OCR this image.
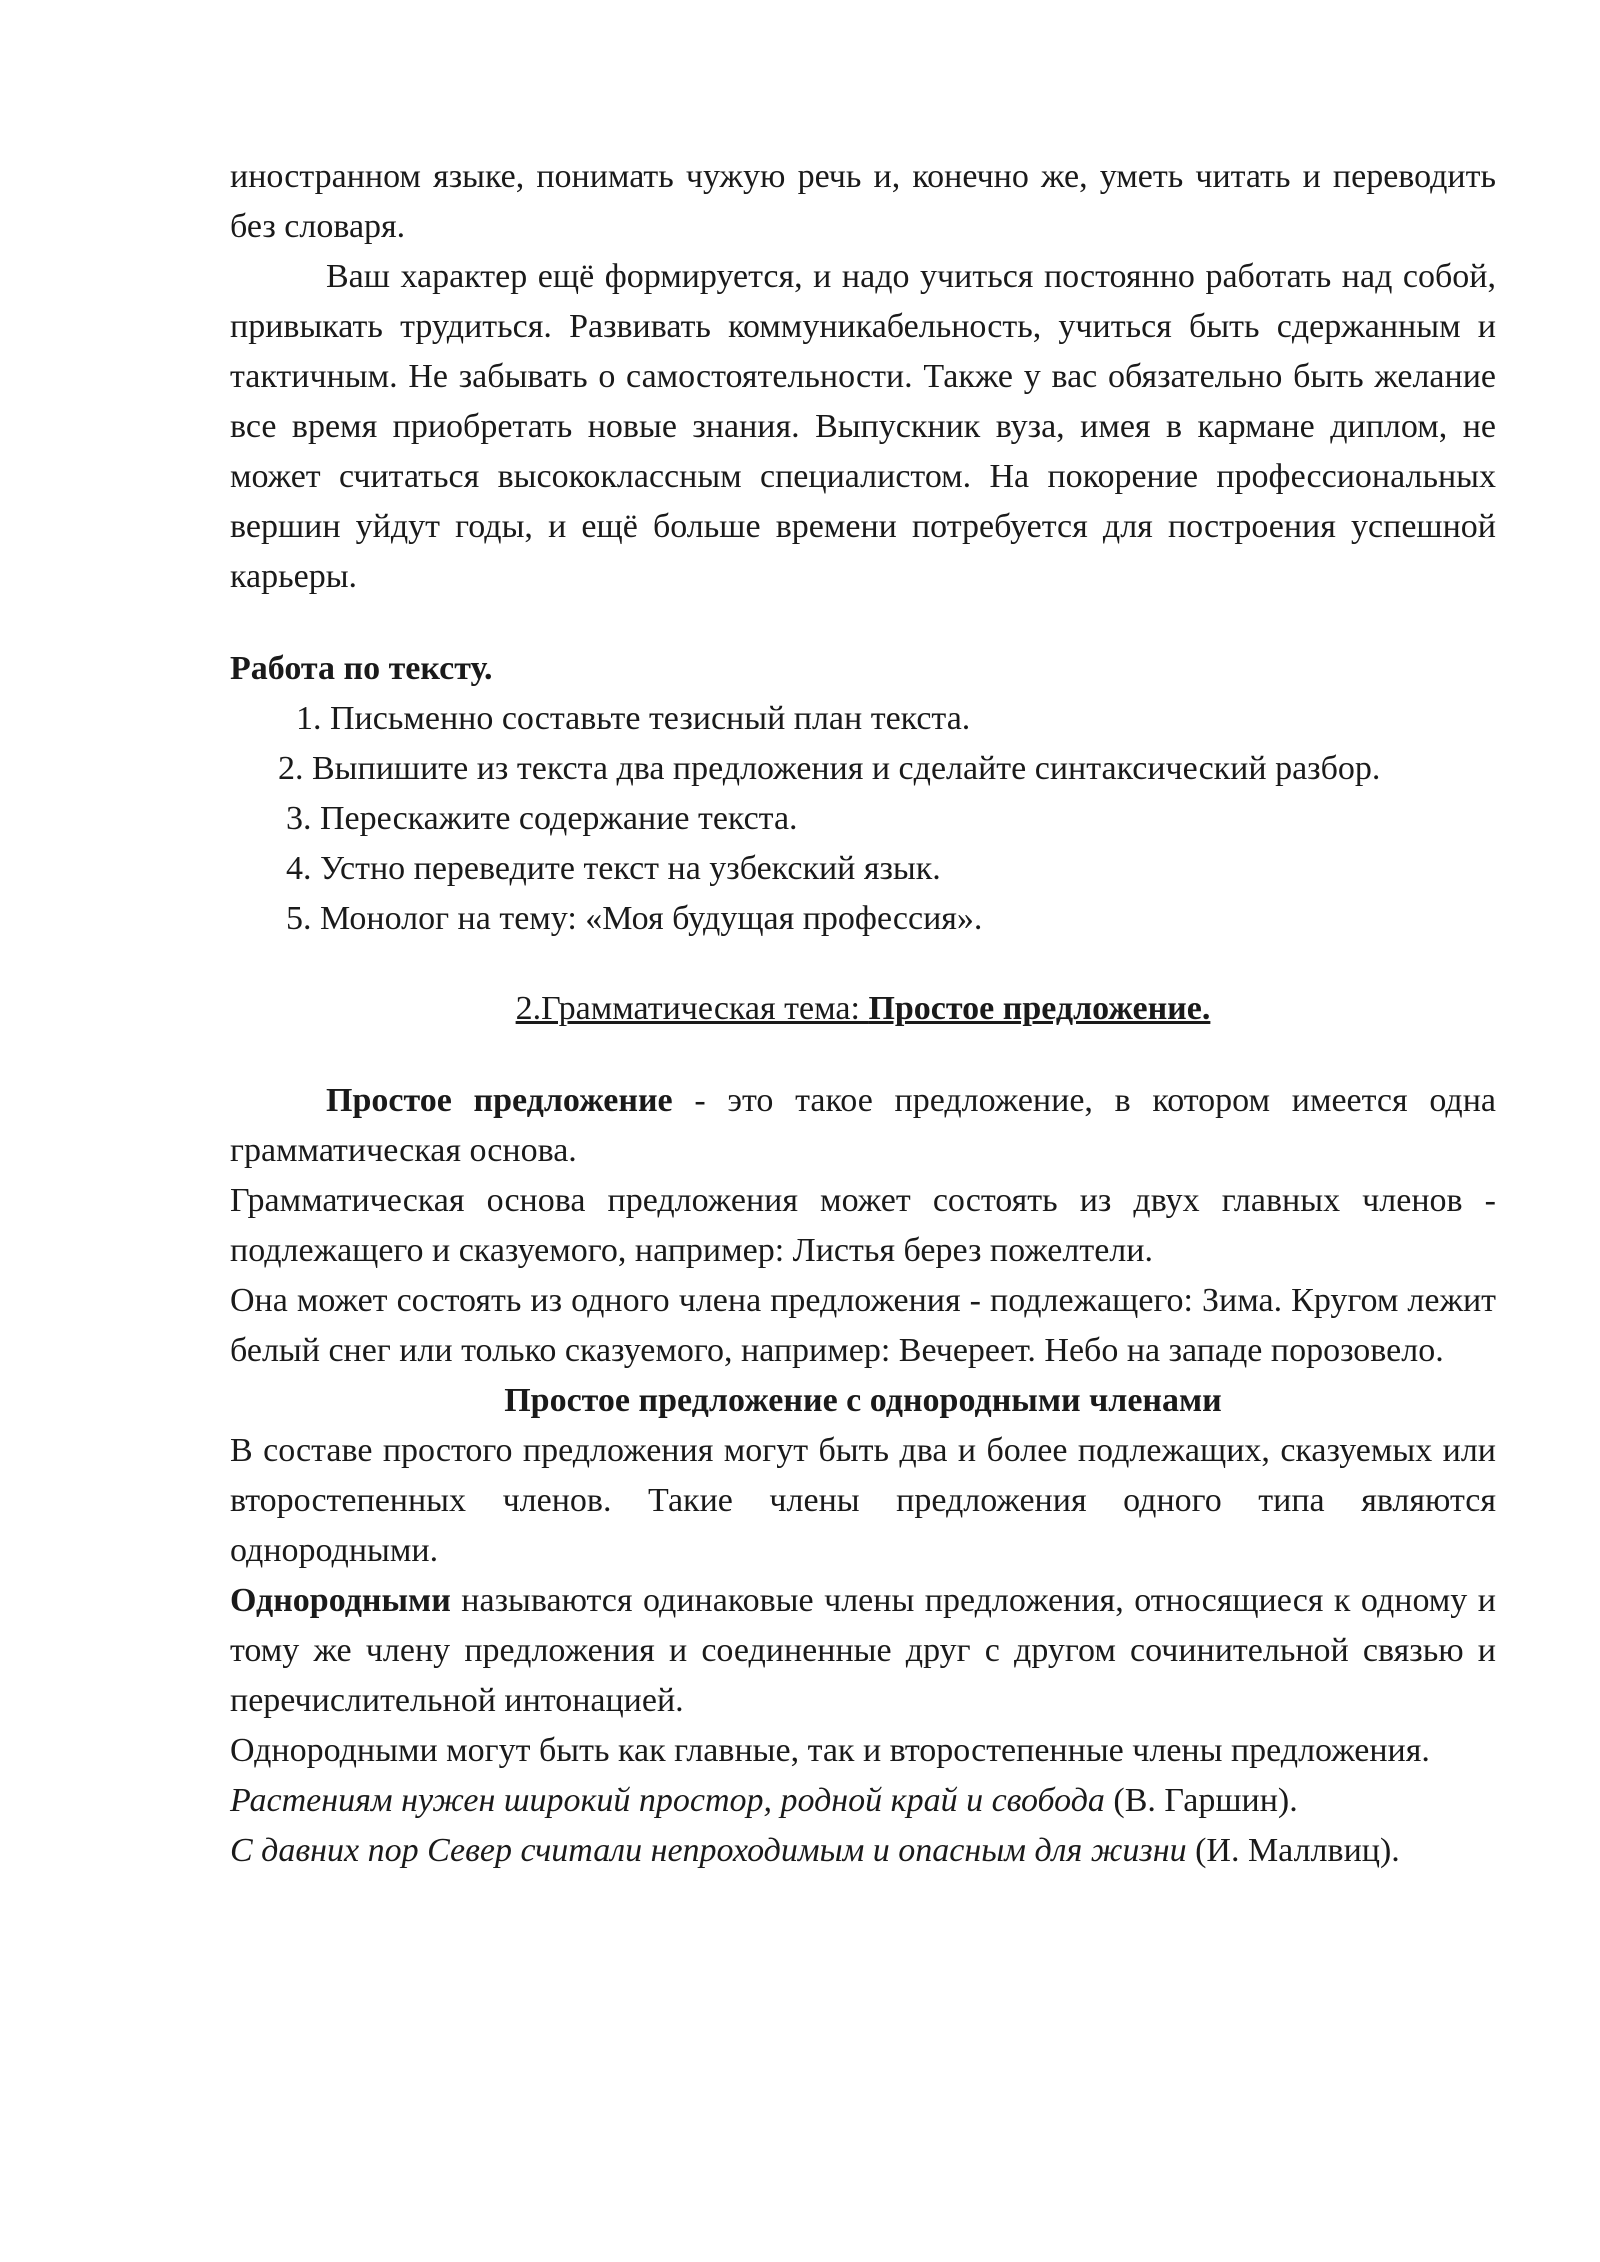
иностранном языке, понимать чужую речь и, конечно же, уметь читать и переводить без словаря.

Ваш характер ещё формируется, и надо учиться постоянно работать над собой, привыкать трудиться. Развивать коммуникабельность, учиться быть сдержанным и тактичным. Не забывать о самостоятельности. Также у вас обязательно быть желание все время приобретать новые знания. Выпускник вуза, имея в кармане диплом, не может считаться высококлассным специалистом. На покорение профессиональных вершин уйдут годы, и ещё больше времени потребуется для построения успешной карьеры.

Работа по тексту.

1. Письменно составьте тезисный план текста.
2. Выпишите из текста два предложения и сделайте синтаксический разбор.
3. Перескажите содержание текста.
4. Устно переведите текст на узбекский язык.
5. Монолог на тему: «Моя будущая профессия».

2.Грамматическая тема: Простое предложение.

Простое предложение - это такое предложение, в котором имеется одна грамматическая основа.

Грамматическая основа предложения может состоять из двух главных членов - подлежащего и сказуемого, например: Листья берез пожелтели.

Она может состоять из одного члена предложения - подлежащего: Зима. Кругом лежит белый снег или только сказуемого, например: Вечереет. Небо на западе порозовело.

Простое предложение с однородными членами

В составе простого предложения могут быть два и более подлежащих, сказуемых или второстепенных членов. Такие члены предложения одного типа являются однородными.

Однородными называются одинаковые члены предложения, относящиеся к одному и тому же члену предложения и соединенные друг с другом сочинительной связью и перечислительной интонацией.

Однородными могут быть как главные, так и второстепенные члены предложения.

Растениям нужен широкий простор, родной край и свобода (В. Гаршин).

С давних пор Север считали непроходимым и опасным для жизни (И. Маллвиц).
